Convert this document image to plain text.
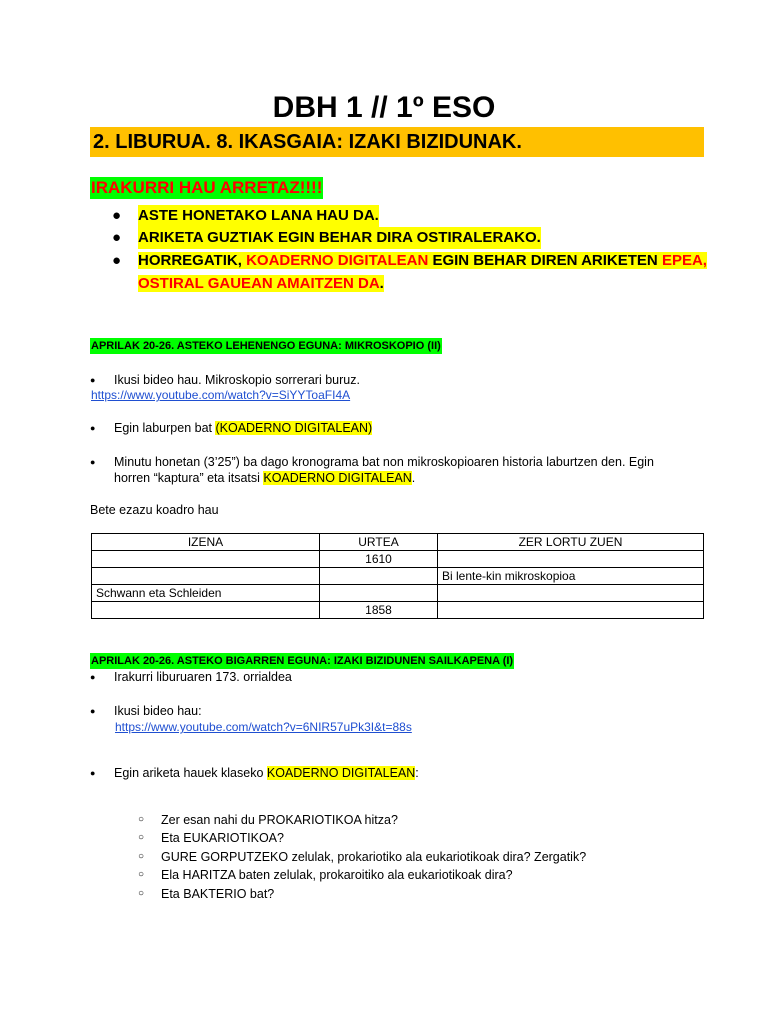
DBH 1 // 1º ESO
2. LIBURUA. 8. IKASGAIA: IZAKI BIZIDUNAK.
IRAKURRI HAU ARRETAZ!!!!
● ASTE HONETAKO LANA HAU DA.
● ARIKETA GUZTIAK EGIN BEHAR DIRA OSTIRALERAKO.
● HORREGATIK, KOADERNO DIGITALEAN EGIN BEHAR DIREN ARIKETEN EPEA,
OSTIRAL GAUEAN AMAITZEN DA.
APRILAK 20-26. ASTEKO LEHENENGO EGUNA: MIKROSKOPIO (II)
● Ikusi bideo hau. Mikroskopio sorrerari buruz.
https://www.youtube.com/watch?v=SiYYToaFI4A
● Egin laburpen bat (KOADERNO DIGITALEAN)
● Minutu honetan (3’25”) ba dago kronograma bat non mikroskopioaren historia laburtzen den. Egin
horren “kaptura” eta itsatsi KOADERNO DIGITALEAN.
Bete ezazu koadro hau
IZENA	URTEA	ZER LORTU ZUEN
	1610	
		Bi lente-kin mikroskopioa
Schwann eta Schleiden		
	1858	
APRILAK 20-26. ASTEKO BIGARREN EGUNA: IZAKI BIZIDUNEN SAILKAPENA (I)
● Irakurri liburuaren 173. orrialdea
● Ikusi bideo hau:
https://www.youtube.com/watch?v=6NIR57uPk3I&t=88s
● Egin ariketa hauek klaseko KOADERNO DIGITALEAN:
○ Zer esan nahi du PROKARIOTIKOA hitza?
○ Eta EUKARIOTIKOA?
○ GURE GORPUTZEKO zelulak, prokariotiko ala eukariotikoak dira? Zergatik?
○ Ela HARITZA baten zelulak, prokaroitiko ala eukariotikoak dira?
○ Eta BAKTERIO bat?
